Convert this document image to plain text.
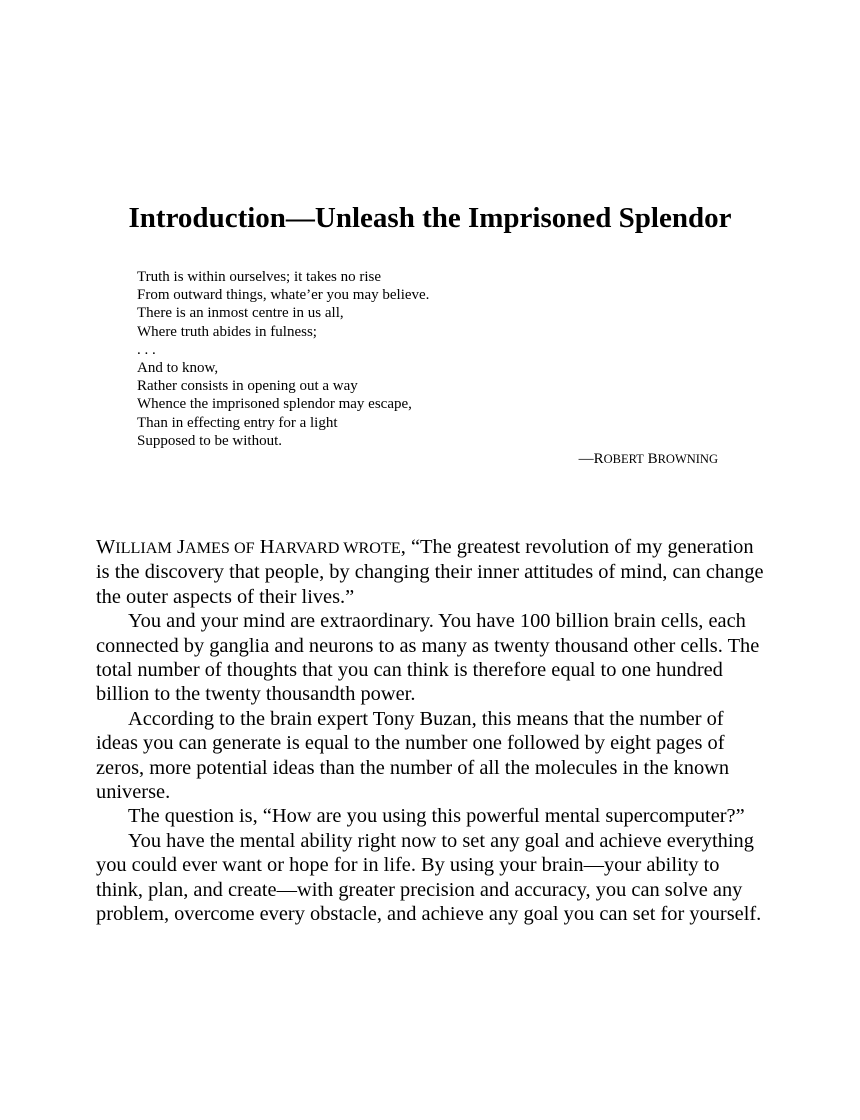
Introduction—Unleash the Imprisoned Splendor
Truth is within ourselves; it takes no rise
From outward things, whate’er you may believe.
There is an inmost centre in us all,
Where truth abides in fulness;
. . .
And to know,
Rather consists in opening out a way
Whence the imprisoned splendor may escape,
Than in effecting entry for a light
Supposed to be without.

—ROBERT BROWNING

WILLIAM JAMES OF HARVARD WROTE, “The greatest revolution of my generation is the discovery that people, by changing their inner attitudes of mind, can change the outer aspects of their lives.”

You and your mind are extraordinary. You have 100 billion brain cells, each connected by ganglia and neurons to as many as twenty thousand other cells. The total number of thoughts that you can think is therefore equal to one hundred billion to the twenty thousandth power.

According to the brain expert Tony Buzan, this means that the number of ideas you can generate is equal to the number one followed by eight pages of zeros, more potential ideas than the number of all the molecules in the known universe.

The question is, “How are you using this powerful mental supercomputer?”

You have the mental ability right now to set any goal and achieve everything you could ever want or hope for in life. By using your brain—your ability to think, plan, and create—with greater precision and accuracy, you can solve any problem, overcome every obstacle, and achieve any goal you can set for yourself.
